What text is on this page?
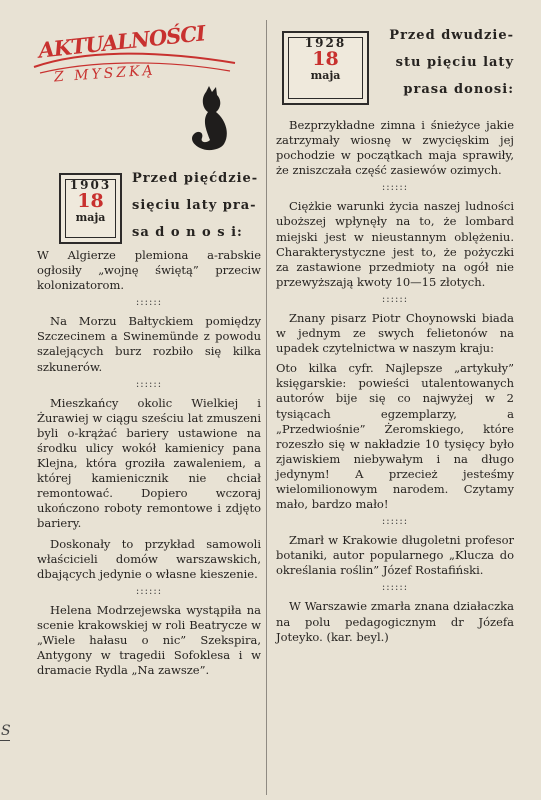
AKTUALNOŚCI
Z MYSZKĄ
1903
18
maja
Przed pięćdzie-
sięciu laty pra-
sa d o n o s i:
1928
18
maja
Przed dwudzie-
stu pięciu laty
prasa donosi:

W Algierze plemiona a-rabskie ogłosiły „wojnę świętą” przeciw kolonizatorom.

::::::

Na Morzu Bałtyckiem pomiędzy Szczecinem a Swinemünde z powodu szalejących burz rozbiło się kilka szkunerów.

::::::

Mieszkańcy okolic Wielkiej i Żurawiej w ciągu sześciu lat zmuszeni byli o-krążać bariery ustawione na środku ulicy wokół kamienicy pana Klejna, która groziła zawaleniem, a której kamienicznik nie chciał remontować. Dopiero wczoraj ukończono roboty remontowe i zdjęto bariery.

Doskonały to przykład samowoli właścicieli domów warszawskich, dbających jedynie o własne kieszenie.

::::::

Helena Modrzejewska wystąpiła na scenie krakowskiej w roli Beatrycze w „Wiele hałasu o nic” Szekspira, Antygony w tragedii Sofoklesa i w dramacie Rydla „Na zawsze”.

Bezprzykładne zimna i śnieżyce jakie zatrzymały wiosnę w zwycięskim jej pochodzie w początkach maja sprawiły, że zniszczała część zasiewów ozimych.

::::::

Ciężkie warunki życia naszej ludności uboższej wpłynęły na to, że lombard miejski jest w nieustannym oblężeniu. Charakterystyczne jest to, że pożyczki za zastawione przedmioty na ogół nie przewyższają kwoty 10—15 złotych.

::::::

Znany pisarz Piotr Choynowski biada w jednym ze swych felietonów na upadek czytelnictwa w naszym kraju:

Oto kilka cyfr. Najlepsze „artykuły” księgarskie: powieści utalentowanych autorów bije się co najwyżej w 2 tysiącach egzemplarzy, a „Przedwiośnie” Żeromskiego, które rozeszło się w nakładzie 10 tysięcy było zjawiskiem niebywałym i na długo jedynym! A przecież jesteśmy wielomilionowym narodem. Czytamy mało, bardzo mało!

::::::

Zmarł w Krakowie długoletni profesor botaniki, autor popularnego „Klucza do określania roślin” Józef Rostafiński.

::::::

W Warszawie zmarła znana działaczka na polu pedagogicznym dr Józefa Joteyko. (kar. beyl.)

S
